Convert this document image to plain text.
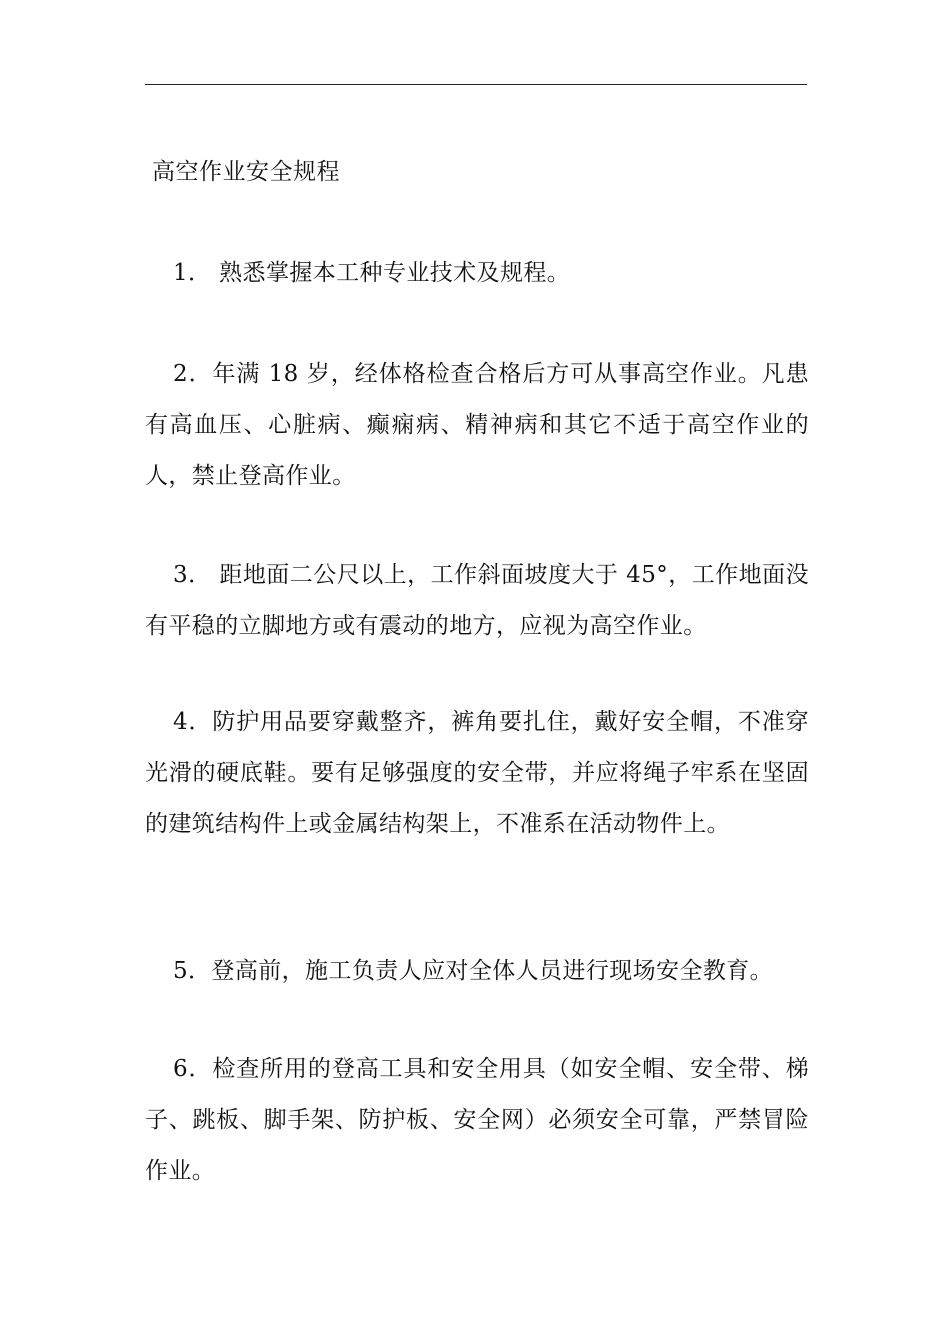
高空作业安全规程

1． 熟悉掌握本工种专业技术及规程。

2．年满 18 岁，经体格检查合格后方可从事高空作业。凡患有高血压、心脏病、癫痫病、精神病和其它不适于高空作业的人，禁止登高作业。

3． 距地面二公尺以上，工作斜面坡度大于 45°，工作地面没有平稳的立脚地方或有震动的地方，应视为高空作业。

4．防护用品要穿戴整齐，裤角要扎住，戴好安全帽，不准穿光滑的硬底鞋。要有足够强度的安全带，并应将绳子牢系在坚固的建筑结构件上或金属结构架上，不准系在活动物件上。

5．登高前，施工负责人应对全体人员进行现场安全教育。

6．检查所用的登高工具和安全用具（如安全帽、安全带、梯子、跳板、脚手架、防护板、安全网）必须安全可靠，严禁冒险作业。
